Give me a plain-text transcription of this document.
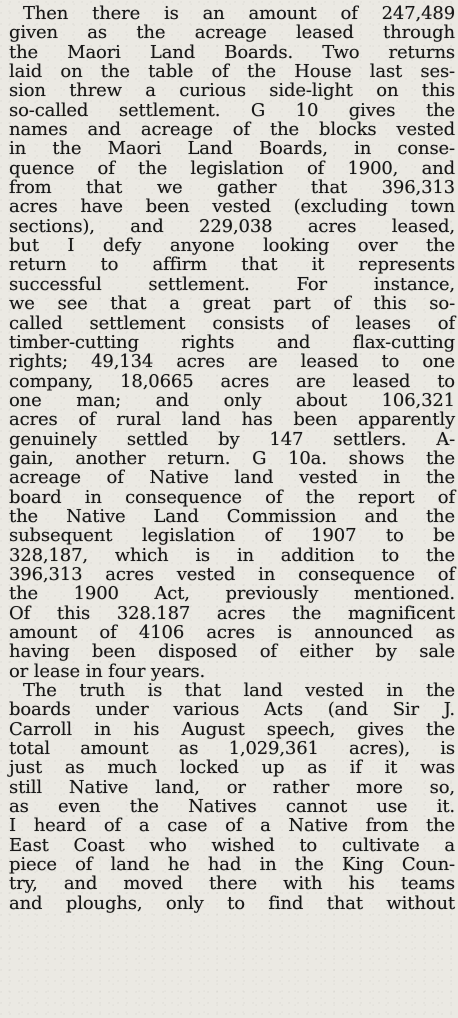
Then there is an amount of 247,489
given as the acreage leased through
the Maori Land Boards. Two returns
laid on the table of the House last ses-
sion threw a curious side-light on this
so-called settlement. G 10 gives the
names and acreage of the blocks vested
in the Maori Land Boards, in conse-
quence of the legislation of 1900, and
from that we gather that 396,313
acres have been vested (excluding town
sections), and 229,038 acres leased,
but I defy anyone looking over the
return to affirm that it represents
successful settlement. For instance,
we see that a great part of this so-
called settlement consists of leases of
timber-cutting rights and flax-cutting
rights; 49,134 acres are leased to one
company, 18,0665 acres are leased to
one man; and only about 106,321
acres of rural land has been apparently
genuinely settled by 147 settlers. A-
gain, another return. G 10a. shows the
acreage of Native land vested in the
board in consequence of the report of
the Native Land Commission and the
subsequent legislation of 1907 to be
328,187, which is in addition to the
396,313 acres vested in consequence of
the 1900 Act, previously mentioned.
Of this 328.187 acres the magnificent
amount of 4106 acres is announced as
having been disposed of either by sale
or lease in four years.
The truth is that land vested in the
boards under various Acts (and Sir J.
Carroll in his August speech, gives the
total amount as 1,029,361 acres), is
just as much locked up as if it was
still Native land, or rather more so,
as even the Natives cannot use it.
I heard of a case of a Native from the
East Coast who wished to cultivate a
piece of land he had in the King Coun-
try, and moved there with his teams
and ploughs, only to find that without
